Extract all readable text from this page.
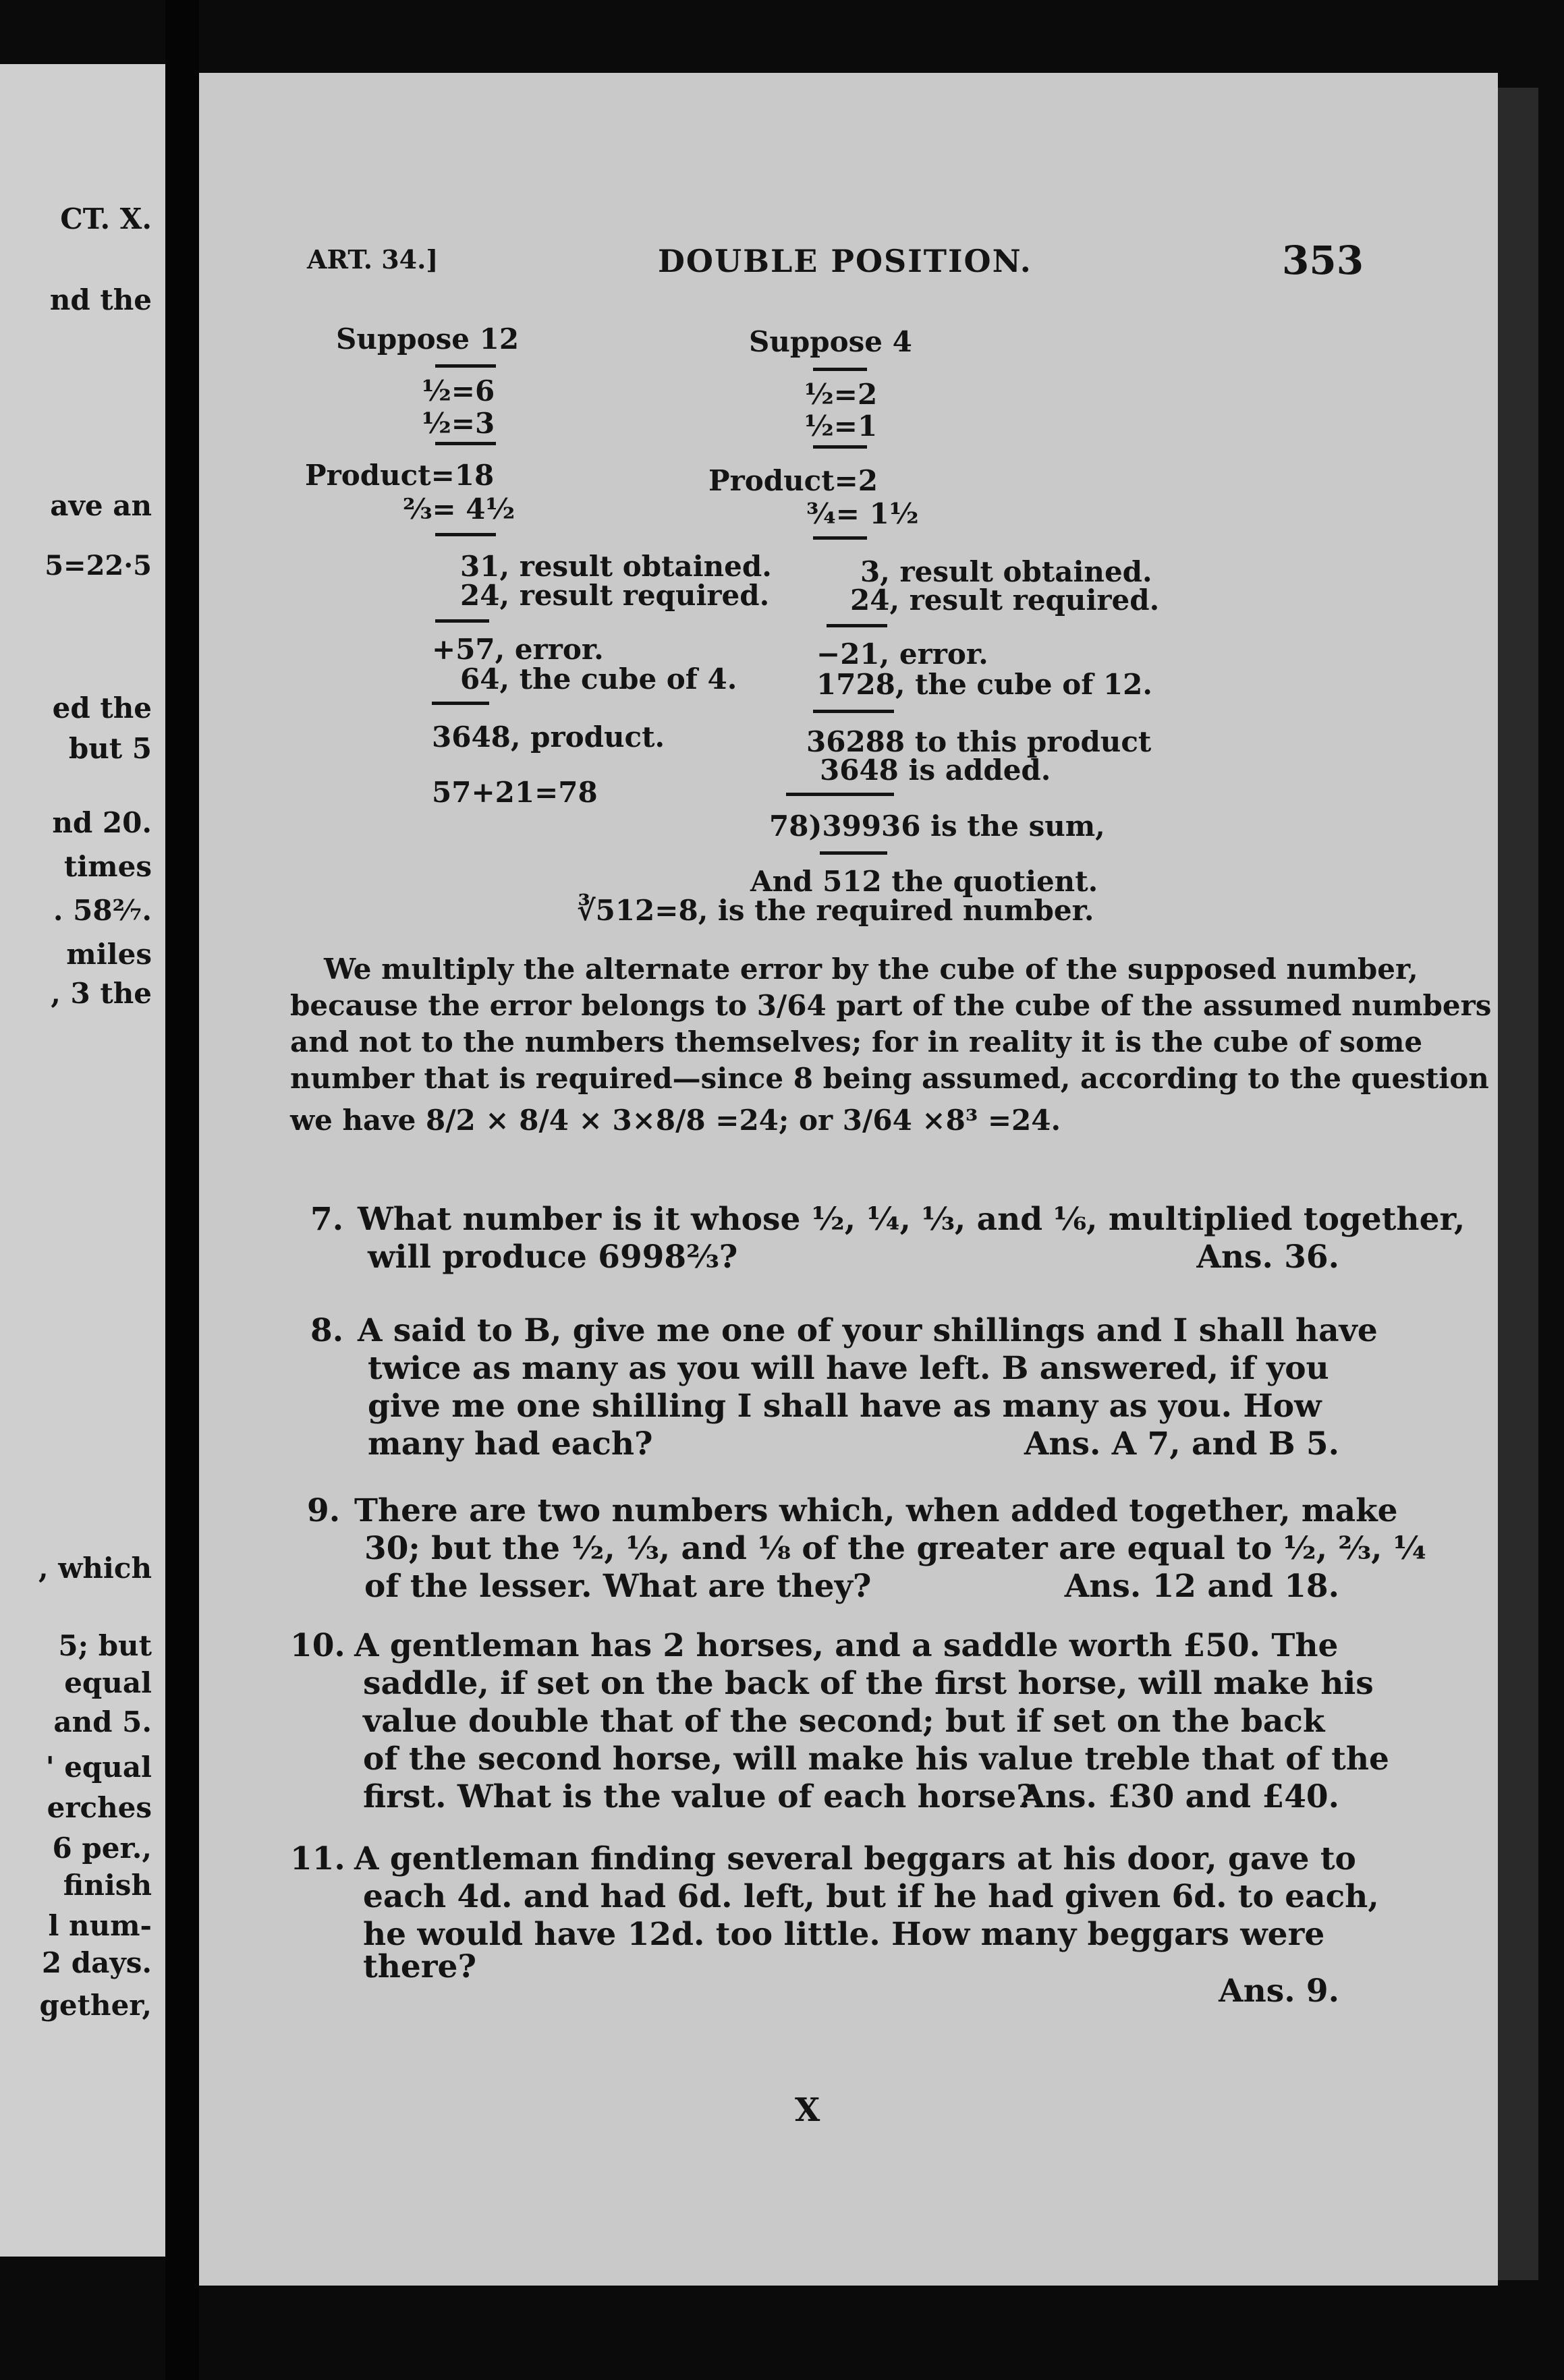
CT. X.
nd the
ave an
5=22·5
ed the
but 5
nd 20.
times
. 58²⁄₇.
miles
, 3 the
, which
5; but
equal
and 5.
' equal
erches
6 per.,
finish
l num-
2 days.
gether,
ART. 34.]	DOUBLE POSITION.	353
Suppose 12
½=6
½=3
Product=18
⅔= 4½
31, result obtained.
24, result required.
+57, error.
64, the cube of 4.
3648, product.
57+21=78
Suppose 4
½=2
½=1
Product=2
¾= 1½
3, result obtained.
24, result required.
−21, error.
1728, the cube of 12.
36288 to this product
3648 is added.
78)39936 is the sum,
And 512 the quotient.
∛512=8, is the required number.
We multiply the alternate error by the cube of the supposed number,
because the error belongs to 3/64 part of the cube of the assumed numbers
and not to the numbers themselves; for in reality it is the cube of some
number that is required—since 8 being assumed, according to the question
we have 8/2 × 8/4 × 3×8/8 =24; or 3/64 ×8³ =24.
7. What number is it whose ½, ¼, ⅓, and ⅙, multiplied together,
will produce 6998⅔?	Ans. 36.
8. A said to B, give me one of your shillings and I shall have
twice as many as you will have left. B answered, if you
give me one shilling I shall have as many as you. How
many had each?	Ans. A 7, and B 5.
9. There are two numbers which, when added together, make
30; but the ½, ⅓, and ⅛ of the greater are equal to ½, ⅔, ¼
of the lesser. What are they?	Ans. 12 and 18.
10. A gentleman has 2 horses, and a saddle worth £50. The
saddle, if set on the back of the first horse, will make his
value double that of the second; but if set on the back
of the second horse, will make his value treble that of the
first. What is the value of each horse?
Ans. £30 and £40.
11. A gentleman finding several beggars at his door, gave to
each 4d. and had 6d. left, but if he had given 6d. to each,
he would have 12d. too little. How many beggars were
there?
Ans. 9.
X
